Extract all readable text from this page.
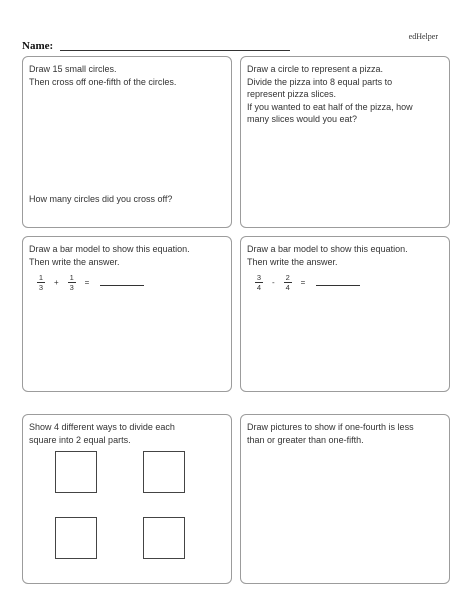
edHelper
Name:

Draw 15 small circles.

Then cross off one-fifth of the circles.

How many circles did you cross off?

Draw a circle to represent a pizza.

Divide the pizza into 8 equal parts to

represent pizza slices.

If you wanted to eat half of the pizza, how

many slices would you eat?

Draw a bar model to show this equation.

Then write the answer.

$\frac{1}{3} + \frac{1}{3}$ =

Draw a bar model to show this equation.

Then write the answer.

$\frac{3}{4} - \frac{2}{4}$ =

Show 4 different ways to divide each

square into 2 equal parts.

Draw pictures to show if one-fourth is less

than or greater than one-fifth.
